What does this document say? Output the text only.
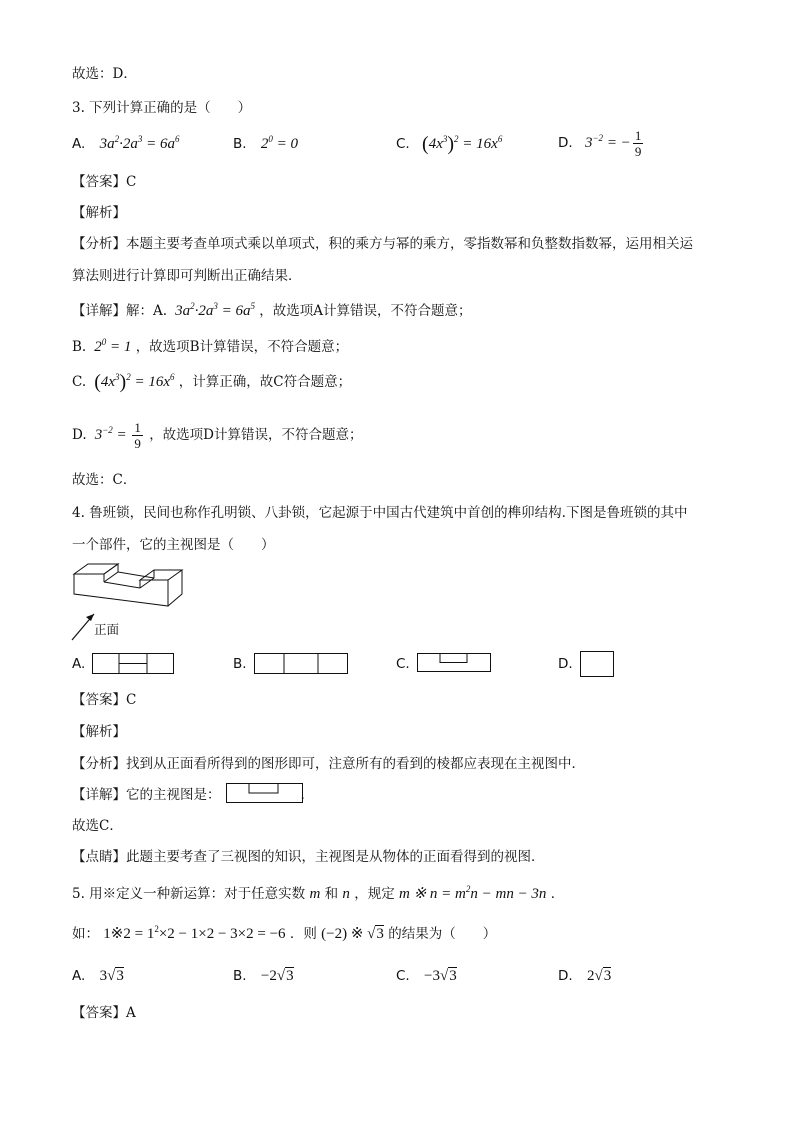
故选：D．
3. 下列计算正确的是（　　）
A. $3a^2\cdot 2a^3 = 6a^6$	B. $2^0 = 0$	C. $(4x^3)^2 = 16x^6$	D. $3^{-2}$ = − $\frac{1}{9}$
【答案】C
【解析】
【分析】本题主要考查单项式乘以单项式，积的乘方与幂的乘方，零指数幂和负整数指数幂，运用相关运
算法则进行计算即可判断出正确结果．
【详解】解：A.  $3a^2\cdot 2a^3 = 6a^5$ ，故选项A计算错误，不符合题意；
B.  $2^0 = 1$ ，故选项B计算错误，不符合题意；
C. $(4x^3)^2 = 16x^6$ ，计算正确，故C符合题意；
D.  $3^{-2} = \frac{1}{9}$ ，故选项D计算错误，不符合题意；
故选：C．
4. 鲁班锁，民间也称作孔明锁、八卦锁，它起源于中国古代建筑中首创的榫卯结构.下图是鲁班锁的其中
一个部件，它的主视图是（　　）
正面
A.	B.	C.	D.
【答案】C
【解析】
【分析】找到从正面看所得到的图形即可，注意所有的看到的棱都应表现在主视图中．
【详解】它的主视图是：	.
故选C．
【点睛】此题主要考查了三视图的知识，主视图是从物体的正面看得到的视图．
5. 用※定义一种新运算：对于任意实数 m 和 n ，规定 m ※ $n = m^2n$ − mn − 3n ．
如： 1※2 = $1^2\times 2 - 1\times 2 - 3\times 2 = -6$ ．则 (−2) ※ √3 的结果为（　　）
A. 3√3	B. −2√3	C. −3√3	D. 2√3
【答案】A
